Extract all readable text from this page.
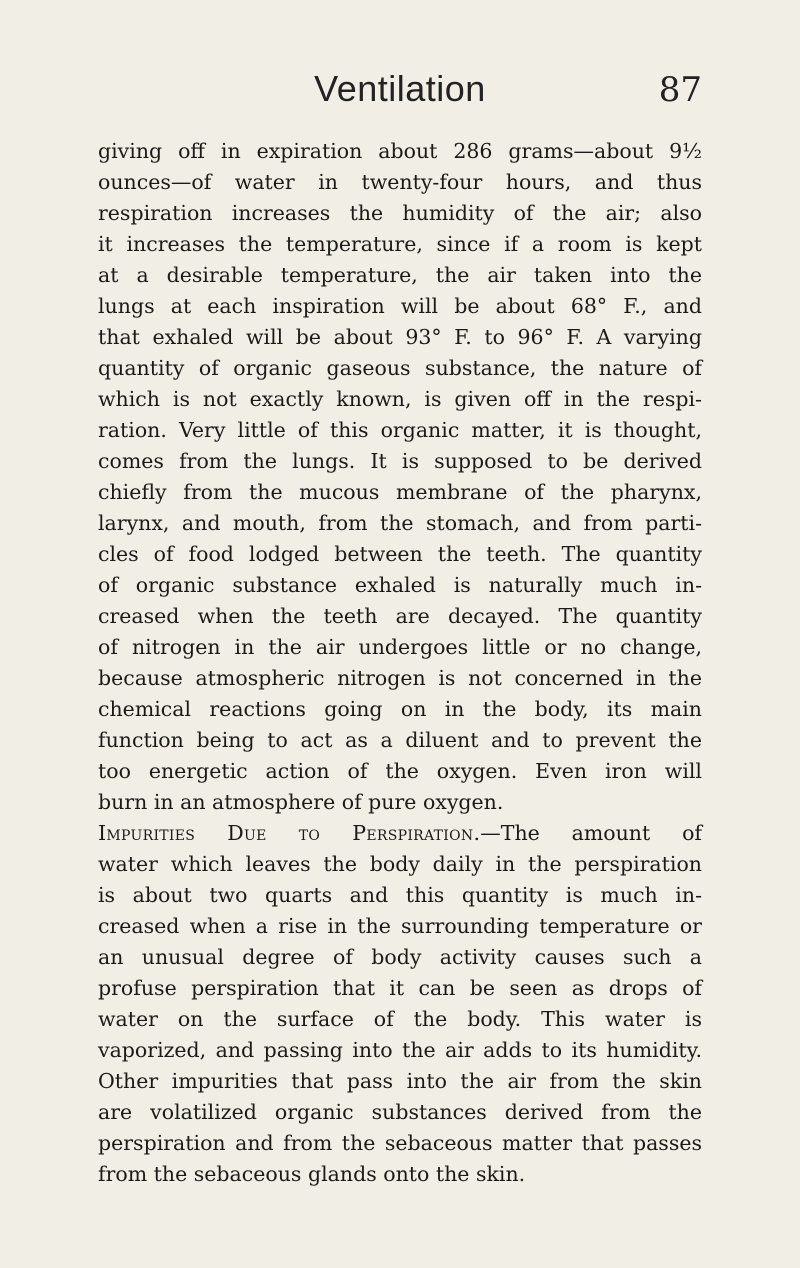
Ventilation	87
giving off in expiration about 286 grams—about 9½
ounces—of water in twenty-four hours, and thus
respiration increases the humidity of the air; also
it increases the temperature, since if a room is kept
at a desirable temperature, the air taken into the
lungs at each inspiration will be about 68° F., and
that exhaled will be about 93° F. to 96° F. A varying
quantity of organic gaseous substance, the nature of
which is not exactly known, is given off in the respi-
ration. Very little of this organic matter, it is thought,
comes from the lungs. It is supposed to be derived
chiefly from the mucous membrane of the pharynx,
larynx, and mouth, from the stomach, and from parti-
cles of food lodged between the teeth. The quantity
of organic substance exhaled is naturally much in-
creased when the teeth are decayed. The quantity
of nitrogen in the air undergoes little or no change,
because atmospheric nitrogen is not concerned in the
chemical reactions going on in the body, its main
function being to act as a diluent and to prevent the
too energetic action of the oxygen. Even iron will
burn in an atmosphere of pure oxygen.
Impurities Due to Perspiration.—The amount of
water which leaves the body daily in the perspiration
is about two quarts and this quantity is much in-
creased when a rise in the surrounding temperature or
an unusual degree of body activity causes such a
profuse perspiration that it can be seen as drops of
water on the surface of the body. This water is
vaporized, and passing into the air adds to its humidity.
Other impurities that pass into the air from the skin
are volatilized organic substances derived from the
perspiration and from the sebaceous matter that passes
from the sebaceous glands onto the skin.
